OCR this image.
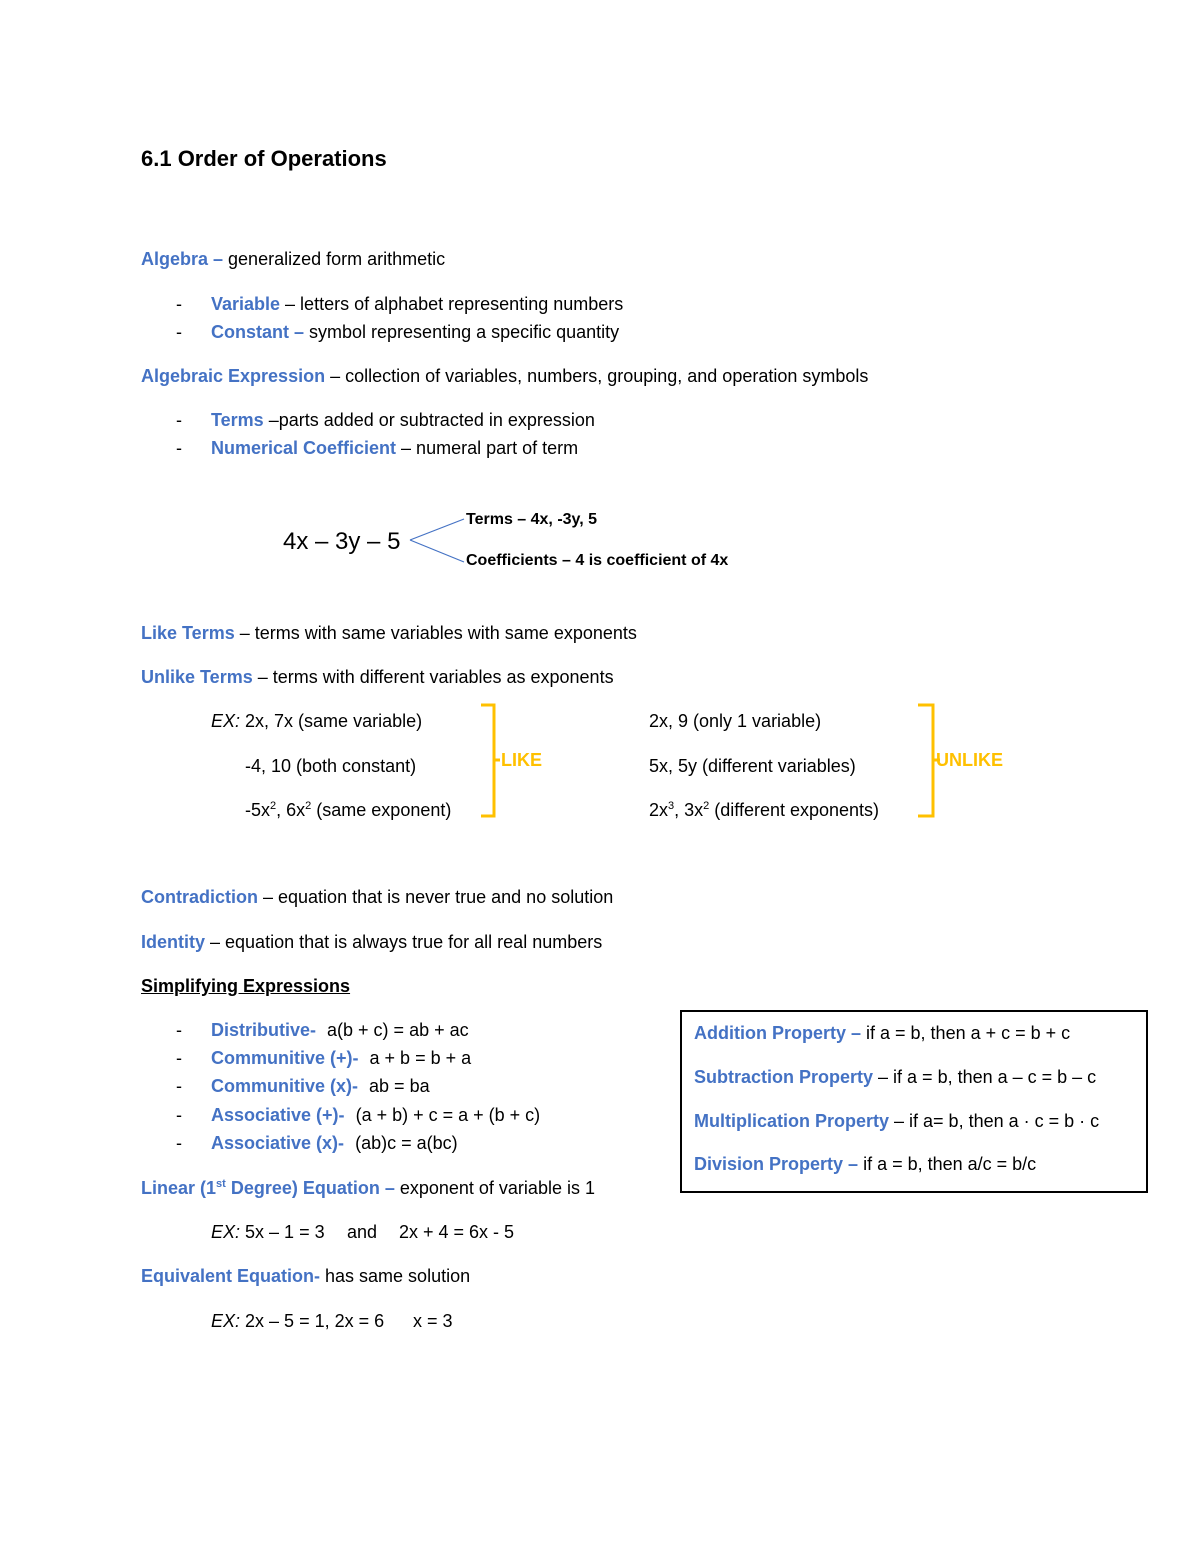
6.1 Order of Operations
Algebra – generalized form arithmetic
- Variable – letters of alphabet representing numbers
- Constant – symbol representing a specific quantity
Algebraic Expression – collection of variables, numbers, grouping, and operation symbols
- Terms –parts added or subtracted in expression
- Numerical Coefficient – numeral part of term
4x – 3y – 5
Terms – 4x, -3y, 5
Coefficients – 4 is coefficient of 4x
Like Terms – terms with same variables with same exponents
Unlike Terms – terms with different variables as exponents
EX: 2x, 7x (same variable)
-4, 10 (both constant)
$-5x^2$, $6x^2$ (same exponent)
LIKE
2x, 9 (only 1 variable)
5x, 5y (different variables)
$2x^3$, $3x^2$ (different exponents)
UNLIKE
Contradiction – equation that is never true and no solution
Identity – equation that is always true for all real numbers
Simplifying Expressions
- Distributive- a(b + c) = ab + ac
- Communitive (+)- a + b = b + a
- Communitive (x)- ab = ba
- Associative (+)- (a + b) + c = a + (b + c)
- Associative (x)- (ab)c = a(bc)
Linear (1st Degree) Equation – exponent of variable is 1
EX: 5x – 1 = 3 and 2x + 4 = 6x - 5
Equivalent Equation- has same solution
EX: 2x – 5 = 1, 2x = 6 x = 3
Addition Property – if a = b, then a + c = b + c
Subtraction Property – if a = b, then a – c = b – c
Multiplication Property – if a= b, then a · c = b · c
Division Property – if a = b, then a/c = b/c
